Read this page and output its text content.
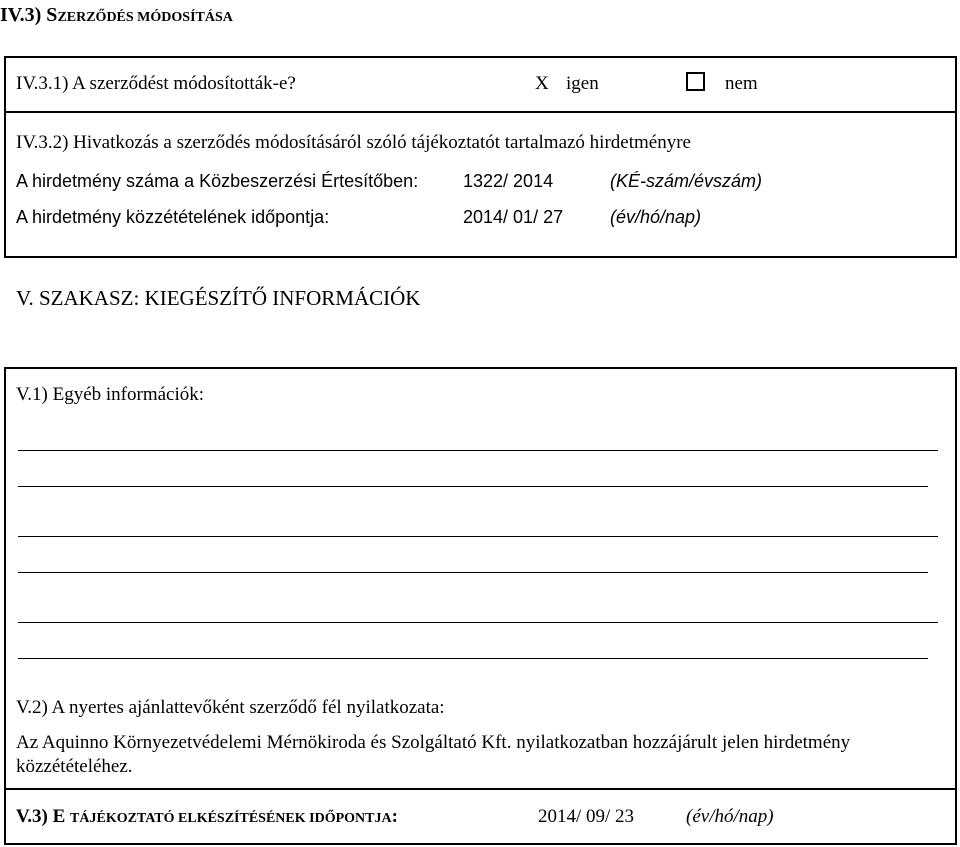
IV.3) SZERZŐDÉS MÓDOSÍTÁSA
IV.3.1) A szerződést módosították-e?	X igen	nem
IV.3.2) Hivatkozás a szerződés módosításáról szóló tájékoztatót tartalmazó hirdetményre
A hirdetmény száma a Közbeszerzési Értesítőben: 1322/ 2014	(KÉ-szám/évszám)
A hirdetmény közzétételének időpontja:	2014/ 01/ 27	(év/hó/nap)
V. SZAKASZ: KIEGÉSZÍTŐ INFORMÁCIÓK
V.1) Egyéb információk:
V.2) A nyertes ajánlattevőként szerződő fél nyilatkozata:
Az Aquinno Környezetvédelemi Mérnökiroda és Szolgáltató Kft. nyilatkozatban hozzájárult jelen hirdetmény
közzétételéhez.
V.3) E TÁJÉKOZTATÓ ELKÉSZÍTÉSÉNEK IDŐPONTJA:	2014/ 09/ 23	(év/hó/nap)
